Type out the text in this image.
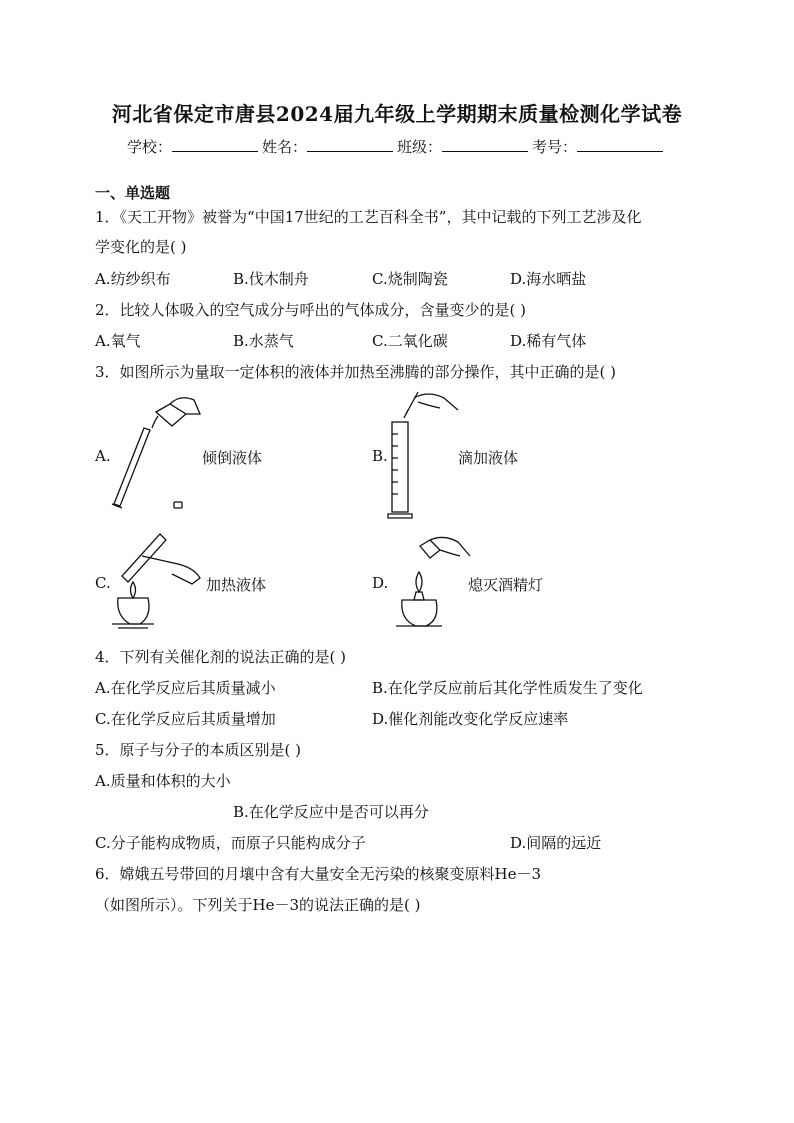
河北省保定市唐县2024届九年级上学期期末质量检测化学试卷
学校：	姓名：	班级：	考号：
一、单选题
1．《天工开物》被誉为“中国17世纪的工艺百科全书”，其中记载的下列工艺涉及化
学变化的是( )
A.纺纱织布	B.伐木制舟	C.烧制陶瓷	D.海水晒盐
2．比较人体吸入的空气成分与呼出的气体成分，含量变少的是( )
A.氧气	B.水蒸气	C.二氧化碳	D.稀有气体
3．如图所示为量取一定体积的液体并加热至沸腾的部分操作，其中正确的是( )
A.	倾倒液体	B.	滴加液体
C.	加热液体	D.	熄灭酒精灯
4．下列有关催化剂的说法正确的是( )
A.在化学反应后其质量减小	B.在化学反应前后其化学性质发生了变化
C.在化学反应后其质量增加	D.催化剂能改变化学反应速率
5．原子与分子的本质区别是( )
A.质量和体积的大小
B.在化学反应中是否可以再分
C.分子能构成物质，而原子只能构成分子	D.间隔的远近
6．嫦娥五号带回的月壤中含有大量安全无污染的核聚变原料He－3
（如图所示）。下列关于He－3的说法正确的是( )
